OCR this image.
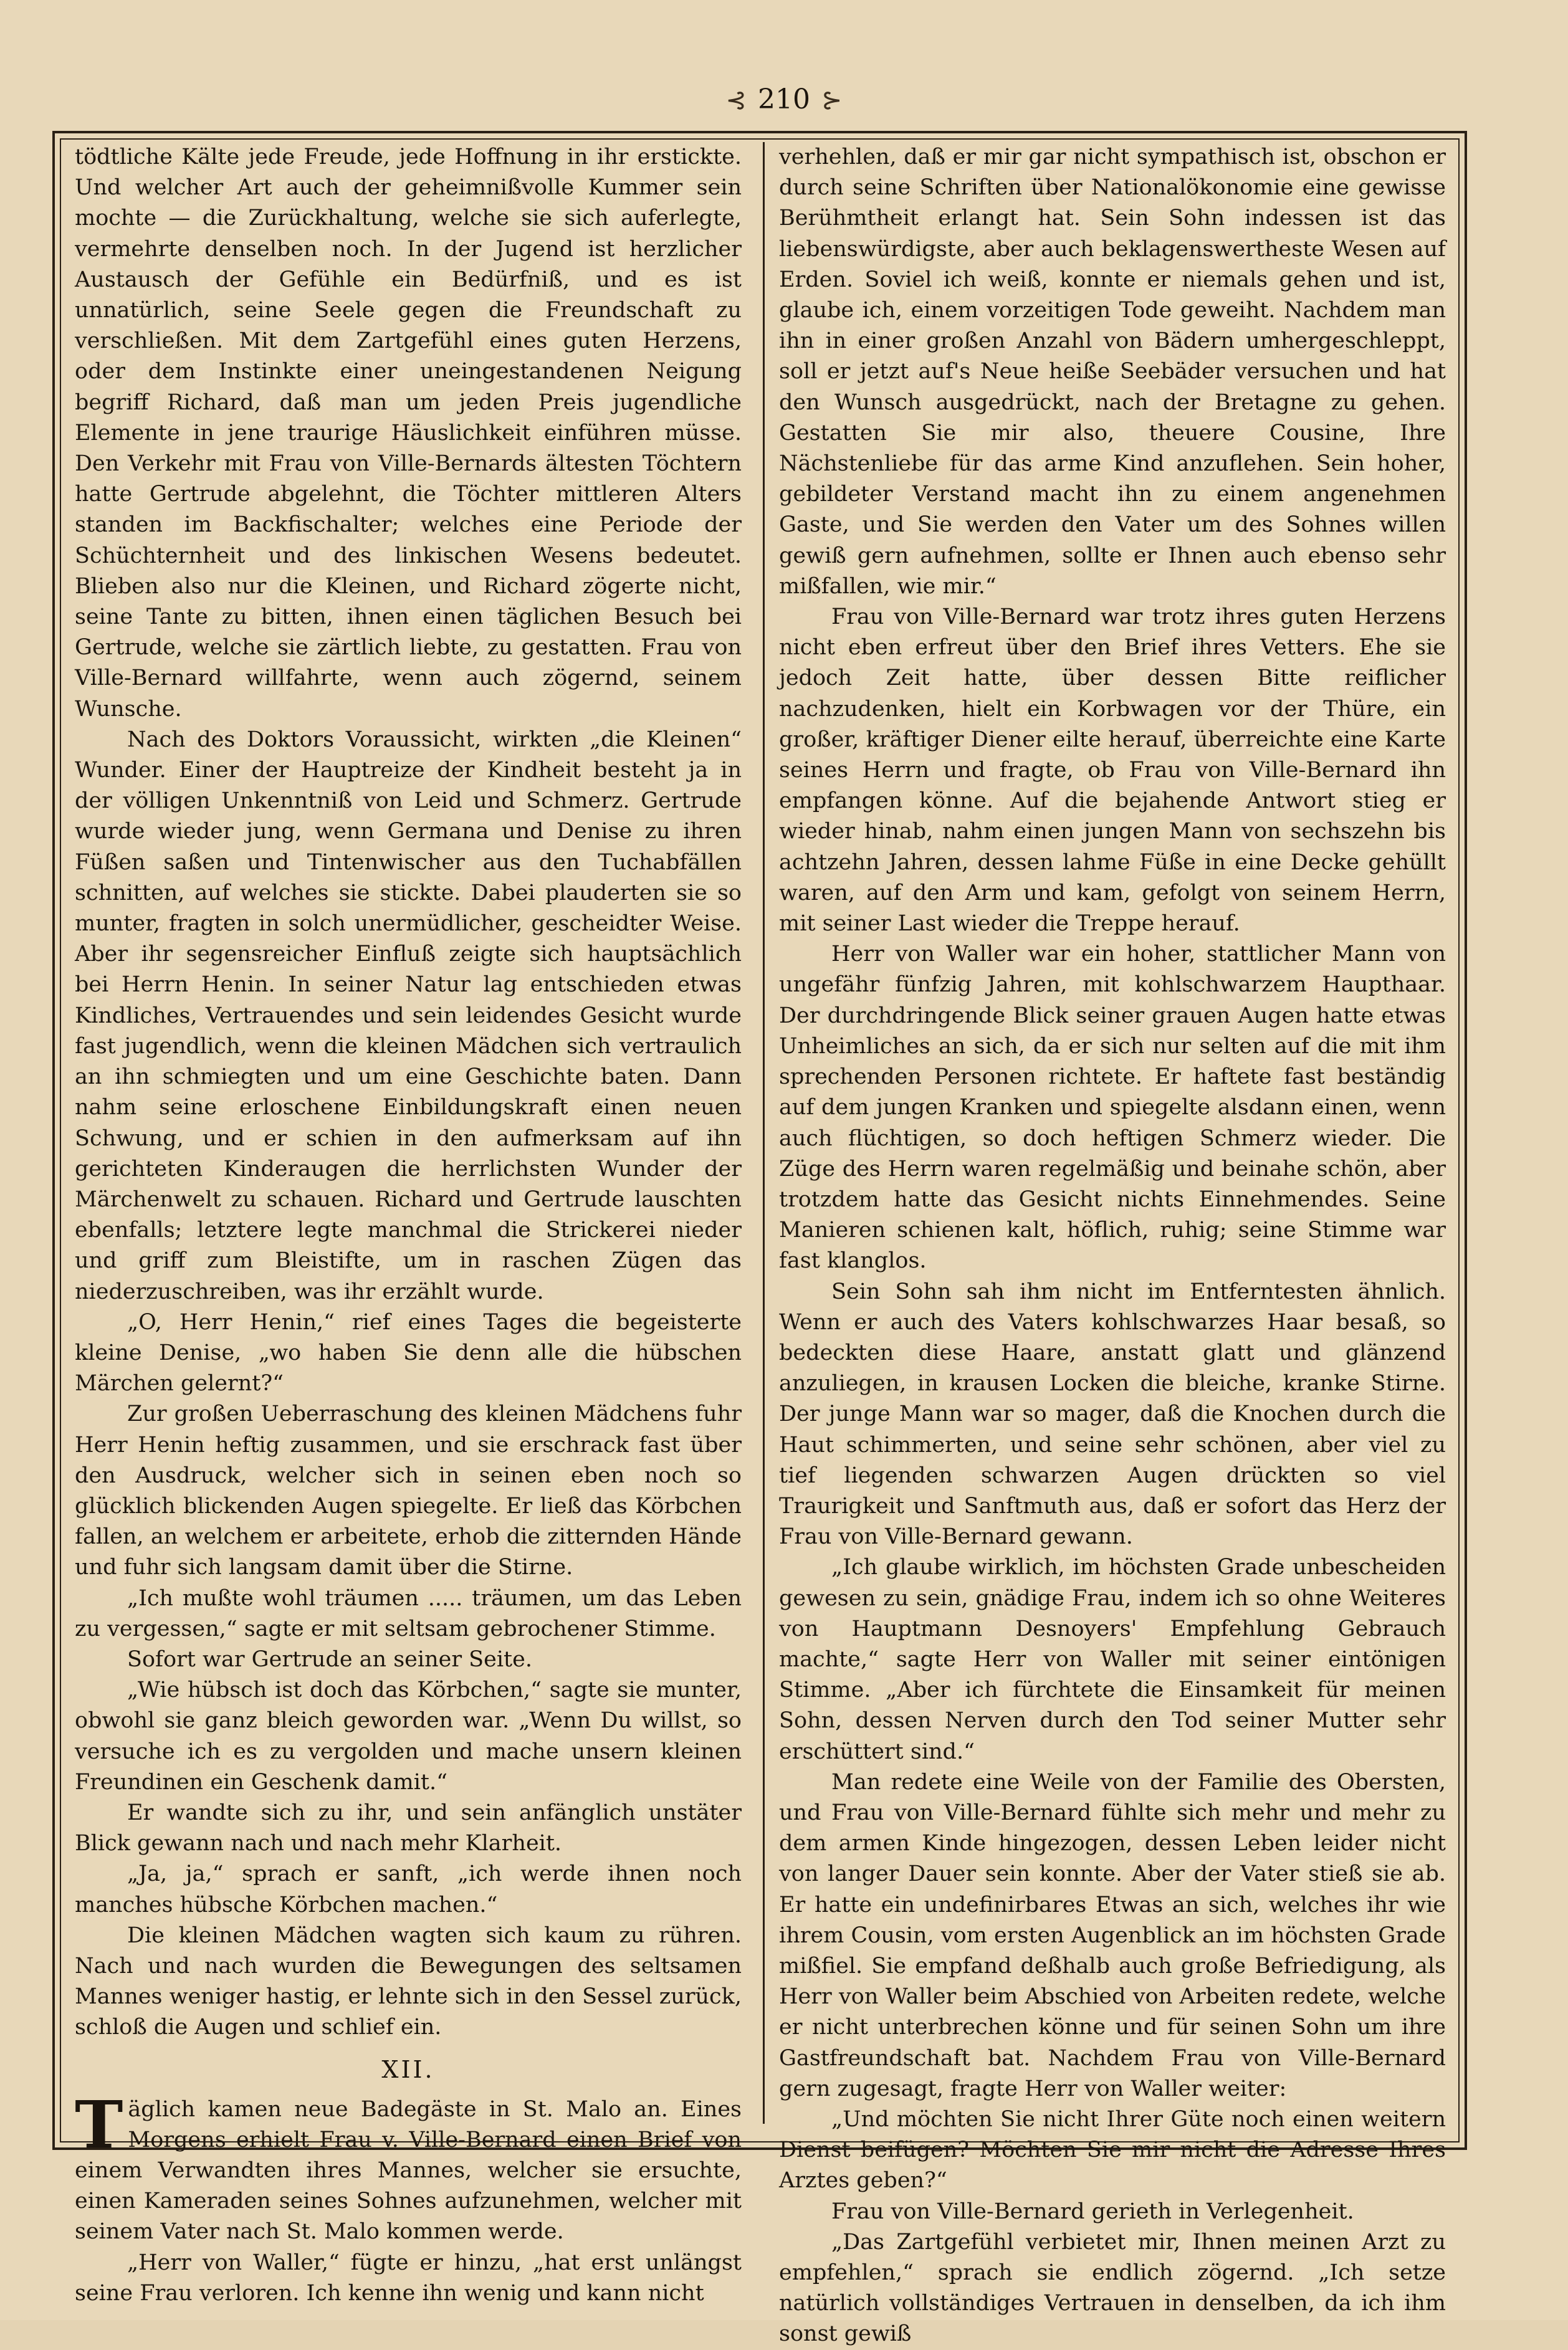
⊰ 210 ⊱

tödtliche Kälte jede Freude, jede Hoffnung in ihr erstickte. Und welcher Art auch der geheimnißvolle Kummer sein mochte — die Zurückhaltung, welche sie sich auferlegte, vermehrte denselben noch. In der Jugend ist herzlicher Austausch der Gefühle ein Bedürfniß, und es ist unnatürlich, seine Seele gegen die Freundschaft zu verschließen. Mit dem Zartgefühl eines guten Herzens, oder dem Instinkte einer uneingestandenen Neigung begriff Richard, daß man um jeden Preis jugendliche Elemente in jene traurige Häuslichkeit einführen müsse. Den Verkehr mit Frau von Ville-Bernards ältesten Töchtern hatte Gertrude abgelehnt, die Töchter mittleren Alters standen im Backfischalter; welches eine Periode der Schüchternheit und des linkischen Wesens bedeutet. Blieben also nur die Kleinen, und Richard zögerte nicht, seine Tante zu bitten, ihnen einen täglichen Besuch bei Gertrude, welche sie zärtlich liebte, zu gestatten. Frau von Ville-Bernard willfahrte, wenn auch zögernd, seinem Wunsche.

Nach des Doktors Voraussicht, wirkten „die Kleinen“ Wunder. Einer der Hauptreize der Kindheit besteht ja in der völligen Unkenntniß von Leid und Schmerz. Gertrude wurde wieder jung, wenn Germana und Denise zu ihren Füßen saßen und Tintenwischer aus den Tuchabfällen schnitten, auf welches sie stickte. Dabei plauderten sie so munter, fragten in solch unermüdlicher, gescheidter Weise. Aber ihr segensreicher Einfluß zeigte sich hauptsächlich bei Herrn Henin. In seiner Natur lag entschieden etwas Kindliches, Vertrauendes und sein leidendes Gesicht wurde fast jugendlich, wenn die kleinen Mädchen sich vertraulich an ihn schmiegten und um eine Geschichte baten. Dann nahm seine erloschene Einbildungskraft einen neuen Schwung, und er schien in den aufmerksam auf ihn gerichteten Kinderaugen die herrlichsten Wunder der Märchenwelt zu schauen. Richard und Gertrude lauschten ebenfalls; letztere legte manchmal die Strickerei nieder und griff zum Bleistifte, um in raschen Zügen das niederzuschreiben, was ihr erzählt wurde.

„O, Herr Henin,“ rief eines Tages die begeisterte kleine Denise, „wo haben Sie denn alle die hübschen Märchen gelernt?“

Zur großen Ueberraschung des kleinen Mädchens fuhr Herr Henin heftig zusammen, und sie erschrack fast über den Ausdruck, welcher sich in seinen eben noch so glücklich blickenden Augen spiegelte. Er ließ das Körbchen fallen, an welchem er arbeitete, erhob die zitternden Hände und fuhr sich langsam damit über die Stirne.

„Ich mußte wohl träumen ..... träumen, um das Leben zu vergessen,“ sagte er mit seltsam gebrochener Stimme.

Sofort war Gertrude an seiner Seite.

„Wie hübsch ist doch das Körbchen,“ sagte sie munter, obwohl sie ganz bleich geworden war. „Wenn Du willst, so versuche ich es zu vergolden und mache unsern kleinen Freundinen ein Geschenk damit.“

Er wandte sich zu ihr, und sein anfänglich unstäter Blick gewann nach und nach mehr Klarheit.

„Ja, ja,“ sprach er sanft, „ich werde ihnen noch manches hübsche Körbchen machen.“

Die kleinen Mädchen wagten sich kaum zu rühren. Nach und nach wurden die Bewegungen des seltsamen Mannes weniger hastig, er lehnte sich in den Sessel zurück, schloß die Augen und schlief ein.

XII.

Täglich kamen neue Badegäste in St. Malo an. Eines Morgens erhielt Frau v. Ville-Bernard einen Brief von einem Verwandten ihres Mannes, welcher sie ersuchte, einen Kameraden seines Sohnes aufzunehmen, welcher mit seinem Vater nach St. Malo kommen werde.

„Herr von Waller,“ fügte er hinzu, „hat erst unlängst seine Frau verloren. Ich kenne ihn wenig und kann nicht

verhehlen, daß er mir gar nicht sympathisch ist, obschon er durch seine Schriften über Nationalökonomie eine gewisse Berühmtheit erlangt hat. Sein Sohn indessen ist das liebenswürdigste, aber auch beklagenswertheste Wesen auf Erden. Soviel ich weiß, konnte er niemals gehen und ist, glaube ich, einem vorzeitigen Tode geweiht. Nachdem man ihn in einer großen Anzahl von Bädern umhergeschleppt, soll er jetzt auf's Neue heiße Seebäder versuchen und hat den Wunsch ausgedrückt, nach der Bretagne zu gehen. Gestatten Sie mir also, theuere Cousine, Ihre Nächstenliebe für das arme Kind anzuflehen. Sein hoher, gebildeter Verstand macht ihn zu einem angenehmen Gaste, und Sie werden den Vater um des Sohnes willen gewiß gern aufnehmen, sollte er Ihnen auch ebenso sehr mißfallen, wie mir.“

Frau von Ville-Bernard war trotz ihres guten Herzens nicht eben erfreut über den Brief ihres Vetters. Ehe sie jedoch Zeit hatte, über dessen Bitte reiflicher nachzudenken, hielt ein Korbwagen vor der Thüre, ein großer, kräftiger Diener eilte herauf, überreichte eine Karte seines Herrn und fragte, ob Frau von Ville-Bernard ihn empfangen könne. Auf die bejahende Antwort stieg er wieder hinab, nahm einen jungen Mann von sechszehn bis achtzehn Jahren, dessen lahme Füße in eine Decke gehüllt waren, auf den Arm und kam, gefolgt von seinem Herrn, mit seiner Last wieder die Treppe herauf.

Herr von Waller war ein hoher, stattlicher Mann von ungefähr fünfzig Jahren, mit kohlschwarzem Haupthaar. Der durchdringende Blick seiner grauen Augen hatte etwas Unheimliches an sich, da er sich nur selten auf die mit ihm sprechenden Personen richtete. Er haftete fast beständig auf dem jungen Kranken und spiegelte alsdann einen, wenn auch flüchtigen, so doch heftigen Schmerz wieder. Die Züge des Herrn waren regelmäßig und beinahe schön, aber trotzdem hatte das Gesicht nichts Einnehmendes. Seine Manieren schienen kalt, höflich, ruhig; seine Stimme war fast klanglos.

Sein Sohn sah ihm nicht im Entferntesten ähnlich. Wenn er auch des Vaters kohlschwarzes Haar besaß, so bedeckten diese Haare, anstatt glatt und glänzend anzuliegen, in krausen Locken die bleiche, kranke Stirne. Der junge Mann war so mager, daß die Knochen durch die Haut schimmerten, und seine sehr schönen, aber viel zu tief liegenden schwarzen Augen drückten so viel Traurigkeit und Sanftmuth aus, daß er sofort das Herz der Frau von Ville-Bernard gewann.

„Ich glaube wirklich, im höchsten Grade unbescheiden gewesen zu sein, gnädige Frau, indem ich so ohne Weiteres von Hauptmann Desnoyers' Empfehlung Gebrauch machte,“ sagte Herr von Waller mit seiner eintönigen Stimme. „Aber ich fürchtete die Einsamkeit für meinen Sohn, dessen Nerven durch den Tod seiner Mutter sehr erschüttert sind.“

Man redete eine Weile von der Familie des Obersten, und Frau von Ville-Bernard fühlte sich mehr und mehr zu dem armen Kinde hingezogen, dessen Leben leider nicht von langer Dauer sein konnte. Aber der Vater stieß sie ab. Er hatte ein undefinirbares Etwas an sich, welches ihr wie ihrem Cousin, vom ersten Augenblick an im höchsten Grade mißfiel. Sie empfand deßhalb auch große Befriedigung, als Herr von Waller beim Abschied von Arbeiten redete, welche er nicht unterbrechen könne und für seinen Sohn um ihre Gastfreundschaft bat. Nachdem Frau von Ville-Bernard gern zugesagt, fragte Herr von Waller weiter:

„Und möchten Sie nicht Ihrer Güte noch einen weitern Dienst beifügen? Möchten Sie mir nicht die Adresse Ihres Arztes geben?“

Frau von Ville-Bernard gerieth in Verlegenheit.

„Das Zartgefühl verbietet mir, Ihnen meinen Arzt zu empfehlen,“ sprach sie endlich zögernd. „Ich setze natürlich vollständiges Vertrauen in denselben, da ich ihm sonst gewiß
